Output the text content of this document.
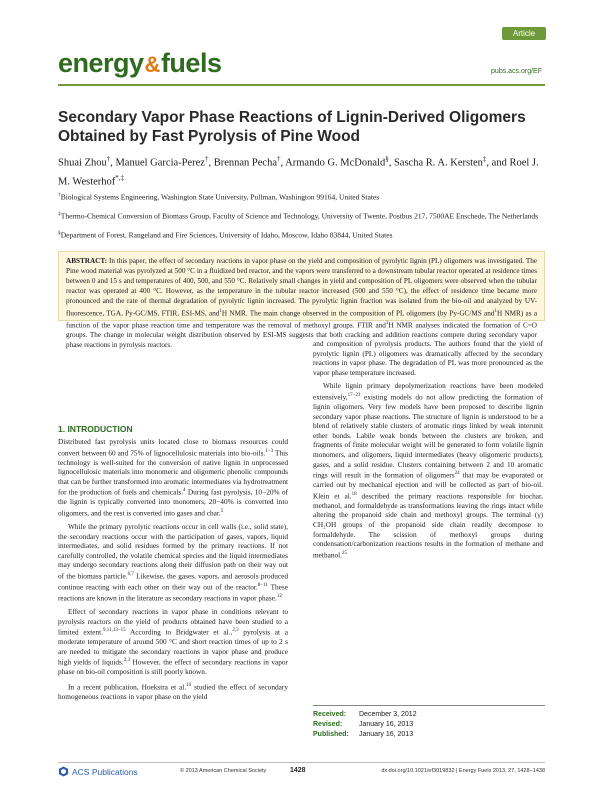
energy&fuels
Article
pubs.acs.org/EF
Secondary Vapor Phase Reactions of Lignin-Derived Oligomers Obtained by Fast Pyrolysis of Pine Wood
Shuai Zhou†, Manuel Garcia-Perez†, Brennan Pecha†, Armando G. McDonald§, Sascha R. A. Kersten‡, and Roel J. M. Westerhof*,‡
†Biological Systems Engineering, Washington State University, Pullman, Washington 99164, United States
‡Thermo-Chemical Conversion of Biomass Group, Faculty of Science and Technology, University of Twente, Postbus 217, 7500AE Enschede, The Netherlands
§Department of Forest, Rangeland and Fire Sciences, University of Idaho, Moscow, Idaho 83844, United States
ABSTRACT: In this paper, the effect of secondary reactions in vapor phase on the yield and composition of pyrolytic lignin (PL) oligomers was investigated. The Pine wood material was pyrolyzed at 500 °C in a fluidized bed reactor, and the vapors were transferred to a downstream tubular reactor operated at residence times between 0 and 15 s and temperatures of 400, 500, and 550 °C. Relatively small changes in yield and composition of PL oligomers were observed when the tubular reactor was operated at 400 °C. However, as the temperature in the tubular reactor increased (500 and 550 °C), the effect of residence time became more pronounced and the rate of thermal degradation of pyrolytic lignin increased. The pyrolytic lignin fraction was isolated from the bio-oil and analyzed by UV-fluorescence, TGA, Py-GC/MS, FTIR, ESI-MS, and$^1$H NMR. The main change observed in the composition of PL oligomers (by Py-GC/MS and$^1$H NMR) as a function of the vapor phase reaction time and temperature was the removal of methoxyl groups. FTIR and$^1$H NMR analyses indicated the formation of C=O groups. The change in molecular weight distribution observed by ESI-MS suggests that both cracking and addition reactions compete during secondary vapor phase reactions in pyrolysis reactors.
1. INTRODUCTION

Distributed fast pyrolysis units located close to biomass resources could convert between 60 and 75% of lignocellulosic materials into bio-oils.$^{1-3}$ This technology is well-suited for the conversion of native lignin in unprocessed lignocellulosic materials into monomeric and oligomeric phenolic compounds that can be further transformed into aromatic intermediates via hydrotreatment for the production of fuels and chemicals.$^4$ During fast pyrolysis, 10−20% of the lignin is typically converted into monomers, 20−40% is converted into oligomers, and the rest is converted into gases and char.$^5$

While the primary pyrolytic reactions occur in cell walls (i.e., solid state), the secondary reactions occur with the participation of gases, vapors, liquid intermediates, and solid residues formed by the primary reactions. If not carefully controlled, the volatile chemical species and the liquid intermediates may undergo secondary reactions along their diffusion path on their way out of the biomass particle.$^{6,7}$ Likewise, the gases, vapors, and aerosols produced continue reacting with each other on their way out of the reactor.$^{8-11}$ These reactions are known in the literature as secondary reactions in vapor phase.$^{12}$

Effect of secondary reactions in vapor phase in conditions relevant to pyrolysis reactors on the yield of products obtained have been studied to a limited extent.$^{9,11,13-15}$ According to Bridgwater et al.,$^{2,3}$ pyrolysis at a moderate temperature of around 500 °C and short reaction times of up to 2 s are needed to mitigate the secondary reactions in vapor phase and produce high yields of liquids.$^{2,3}$ However, the effect of secondary reactions in vapor phase on bio-oil composition is still poorly known.

In a recent publication, Hoekstra et al.$^{16}$ studied the effect of secondary homogeneous reactions in vapor phase on the yield

and composition of pyrolysis products. The authors found that the yield of pyrolytic lignin (PL) oligomers was dramatically affected by the secondary reactions in vapor phase. The degradation of PL was more pronounced as the vapor phase temperature increased.

While lignin primary depolymerization reactions have been modeled extensively,$^{17-23}$ existing models do not allow predicting the formation of lignin oligomers. Very few models have been proposed to describe lignin secondary vapor phase reactions. The structure of lignin is understood to be a blend of relatively stable clusters of aromatic rings linked by weak interunit ether bonds. Labile weak bonds between the clusters are broken, and fragments of finite molecular weight will be generated to form volatile lignin monomers, and oligomers, liquid intermediates (heavy oligomeric products), gases, and a solid residue. Clusters containing between 2 and 10 aromatic rings will result in the formation of oligomers$^{24}$ that may be evaporated or carried out by mechanical ejection and will be collected as part of bio-oil. Klein et al.$^{18}$ described the primary reactions responsible for biochar, methanol, and formaldehyde as transformations leaving the rings intact while altering the propanoid side chain and methoxyl groups. The terminal (γ) CH₂OH groups of the propanoid side chain readily decompose to formaldehyde. The scission of methoxyl groups during condensation/carbonization reactions results in the formation of methane and methanol.$^{25}$

Received:	December 3, 2012
Revised:	January 16, 2013
Published:	January 16, 2013
ACS Publications	© 2013 American Chemical Society	1428	dx.doi.org/10.1021/ef3019832 | Energy Fuels 2013, 27, 1428−1438
